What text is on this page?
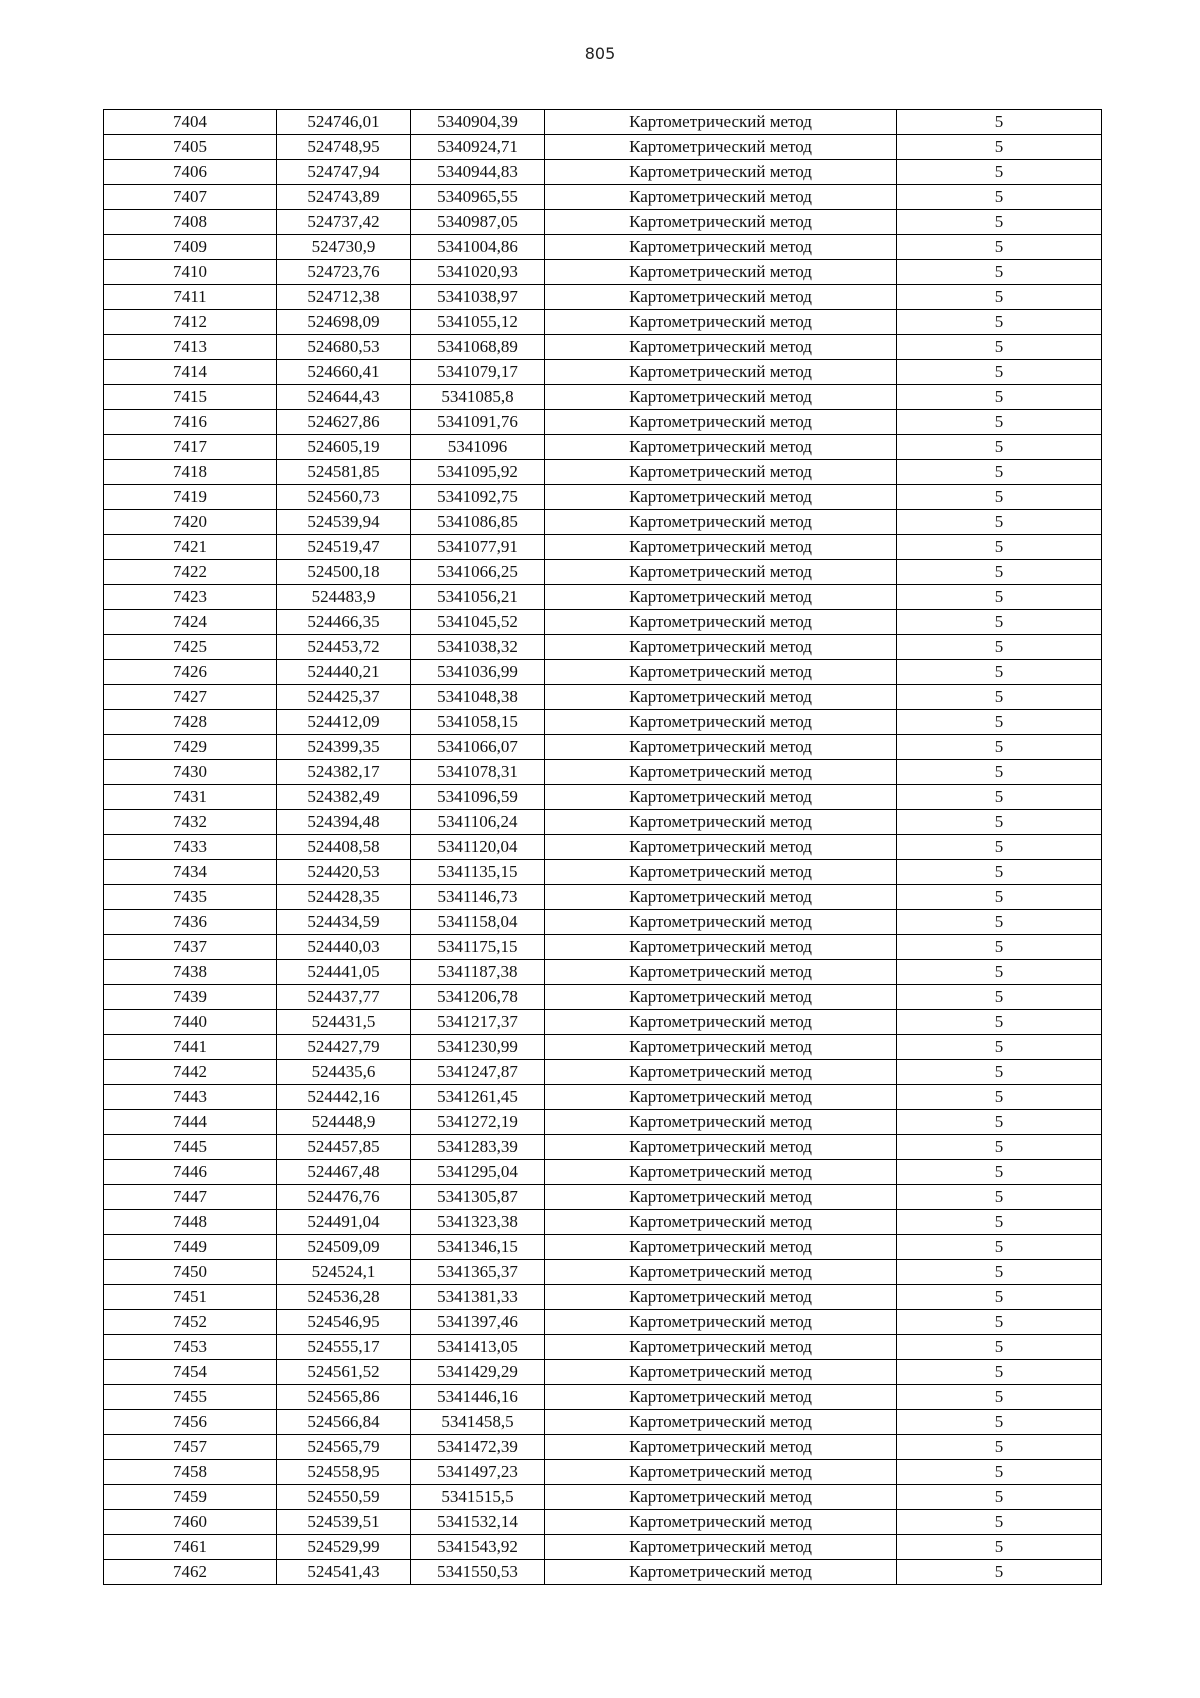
805
7404	524746,01	5340904,39	Картометрический метод	5
7405	524748,95	5340924,71	Картометрический метод	5
7406	524747,94	5340944,83	Картометрический метод	5
7407	524743,89	5340965,55	Картометрический метод	5
7408	524737,42	5340987,05	Картометрический метод	5
7409	524730,9	5341004,86	Картометрический метод	5
7410	524723,76	5341020,93	Картометрический метод	5
7411	524712,38	5341038,97	Картометрический метод	5
7412	524698,09	5341055,12	Картометрический метод	5
7413	524680,53	5341068,89	Картометрический метод	5
7414	524660,41	5341079,17	Картометрический метод	5
7415	524644,43	5341085,8	Картометрический метод	5
7416	524627,86	5341091,76	Картометрический метод	5
7417	524605,19	5341096	Картометрический метод	5
7418	524581,85	5341095,92	Картометрический метод	5
7419	524560,73	5341092,75	Картометрический метод	5
7420	524539,94	5341086,85	Картометрический метод	5
7421	524519,47	5341077,91	Картометрический метод	5
7422	524500,18	5341066,25	Картометрический метод	5
7423	524483,9	5341056,21	Картометрический метод	5
7424	524466,35	5341045,52	Картометрический метод	5
7425	524453,72	5341038,32	Картометрический метод	5
7426	524440,21	5341036,99	Картометрический метод	5
7427	524425,37	5341048,38	Картометрический метод	5
7428	524412,09	5341058,15	Картометрический метод	5
7429	524399,35	5341066,07	Картометрический метод	5
7430	524382,17	5341078,31	Картометрический метод	5
7431	524382,49	5341096,59	Картометрический метод	5
7432	524394,48	5341106,24	Картометрический метод	5
7433	524408,58	5341120,04	Картометрический метод	5
7434	524420,53	5341135,15	Картометрический метод	5
7435	524428,35	5341146,73	Картометрический метод	5
7436	524434,59	5341158,04	Картометрический метод	5
7437	524440,03	5341175,15	Картометрический метод	5
7438	524441,05	5341187,38	Картометрический метод	5
7439	524437,77	5341206,78	Картометрический метод	5
7440	524431,5	5341217,37	Картометрический метод	5
7441	524427,79	5341230,99	Картометрический метод	5
7442	524435,6	5341247,87	Картометрический метод	5
7443	524442,16	5341261,45	Картометрический метод	5
7444	524448,9	5341272,19	Картометрический метод	5
7445	524457,85	5341283,39	Картометрический метод	5
7446	524467,48	5341295,04	Картометрический метод	5
7447	524476,76	5341305,87	Картометрический метод	5
7448	524491,04	5341323,38	Картометрический метод	5
7449	524509,09	5341346,15	Картометрический метод	5
7450	524524,1	5341365,37	Картометрический метод	5
7451	524536,28	5341381,33	Картометрический метод	5
7452	524546,95	5341397,46	Картометрический метод	5
7453	524555,17	5341413,05	Картометрический метод	5
7454	524561,52	5341429,29	Картометрический метод	5
7455	524565,86	5341446,16	Картометрический метод	5
7456	524566,84	5341458,5	Картометрический метод	5
7457	524565,79	5341472,39	Картометрический метод	5
7458	524558,95	5341497,23	Картометрический метод	5
7459	524550,59	5341515,5	Картометрический метод	5
7460	524539,51	5341532,14	Картометрический метод	5
7461	524529,99	5341543,92	Картометрический метод	5
7462	524541,43	5341550,53	Картометрический метод	5
